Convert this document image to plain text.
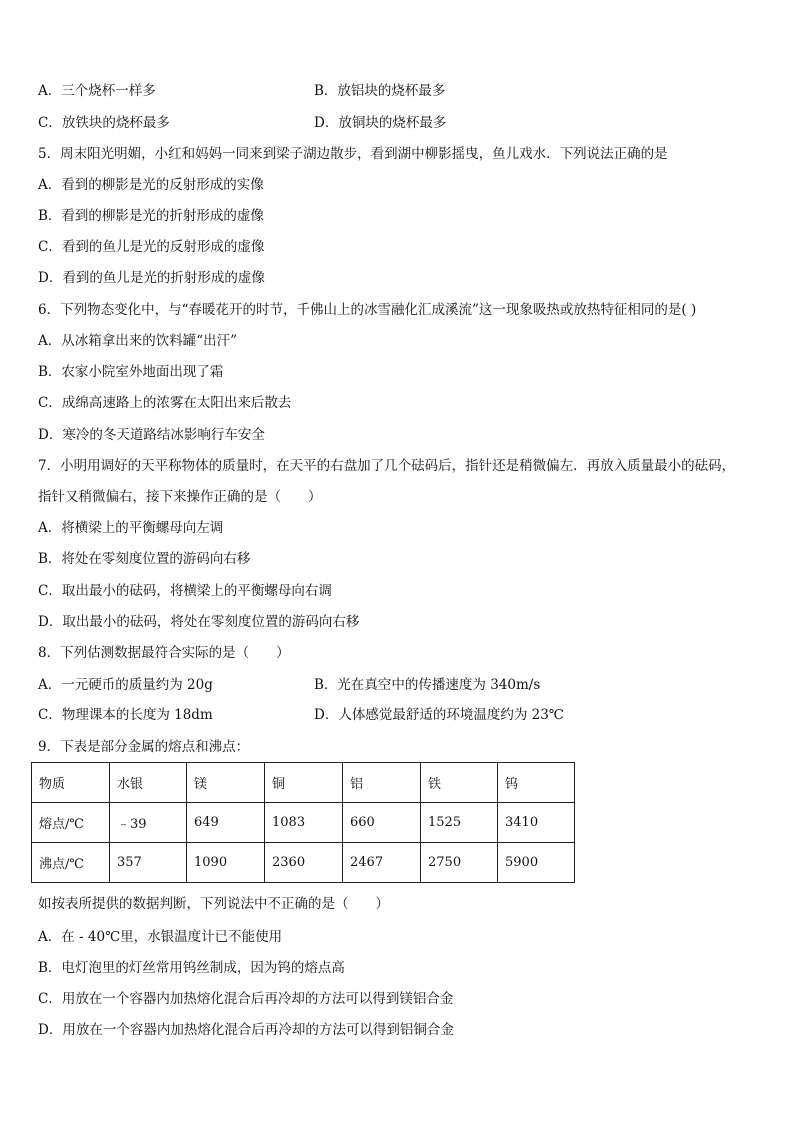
A．三个烧杯一样多	B．放铝块的烧杯最多
C．放铁块的烧杯最多	D．放铜块的烧杯最多
5．周末阳光明媚，小红和妈妈一同来到梁子湖边散步，看到湖中柳影摇曳，鱼儿戏水．下列说法正确的是
A．看到的柳影是光的反射形成的实像
B．看到的柳影是光的折射形成的虚像
C．看到的鱼儿是光的反射形成的虚像
D．看到的鱼儿是光的折射形成的虚像
6．下列物态变化中，与“春暖花开的时节，千佛山上的冰雪融化汇成溪流”这一现象吸热或放热特征相同的是( )
A．从冰箱拿出来的饮料罐“出汗”
B．农家小院室外地面出现了霜
C．成绵高速路上的浓雾在太阳出来后散去
D．寒冷的冬天道路结冰影响行车安全
7．小明用调好的天平称物体的质量时，在天平的右盘加了几个砝码后，指针还是稍微偏左．再放入质量最小的砝码，
指针又稍微偏右，接下来操作正确的是（　　）
A．将横梁上的平衡螺母向左调
B．将处在零刻度位置的游码向右移
C．取出最小的砝码，将横梁上的平衡螺母向右调
D．取出最小的砝码，将处在零刻度位置的游码向右移
8．下列估测数据最符合实际的是（　　）
A．一元硬币的质量约为 20g	B．光在真空中的传播速度为 340m/s
C．物理课本的长度为 18dm	D．人体感觉最舒适的环境温度约为 23℃
9．下表是部分金属的熔点和沸点：
物质	水银	镁	铜	铝	铁	钨
熔点/℃	﹣39	649	1083	660	1525	3410
沸点/℃	357	1090	2360	2467	2750	5900
如按表所提供的数据判断，下列说法中不正确的是（　　）
A．在 - 40℃里，水银温度计已不能使用
B．电灯泡里的灯丝常用钨丝制成，因为钨的熔点高
C．用放在一个容器内加热熔化混合后再冷却的方法可以得到镁铝合金
D．用放在一个容器内加热熔化混合后再冷却的方法可以得到铝铜合金
